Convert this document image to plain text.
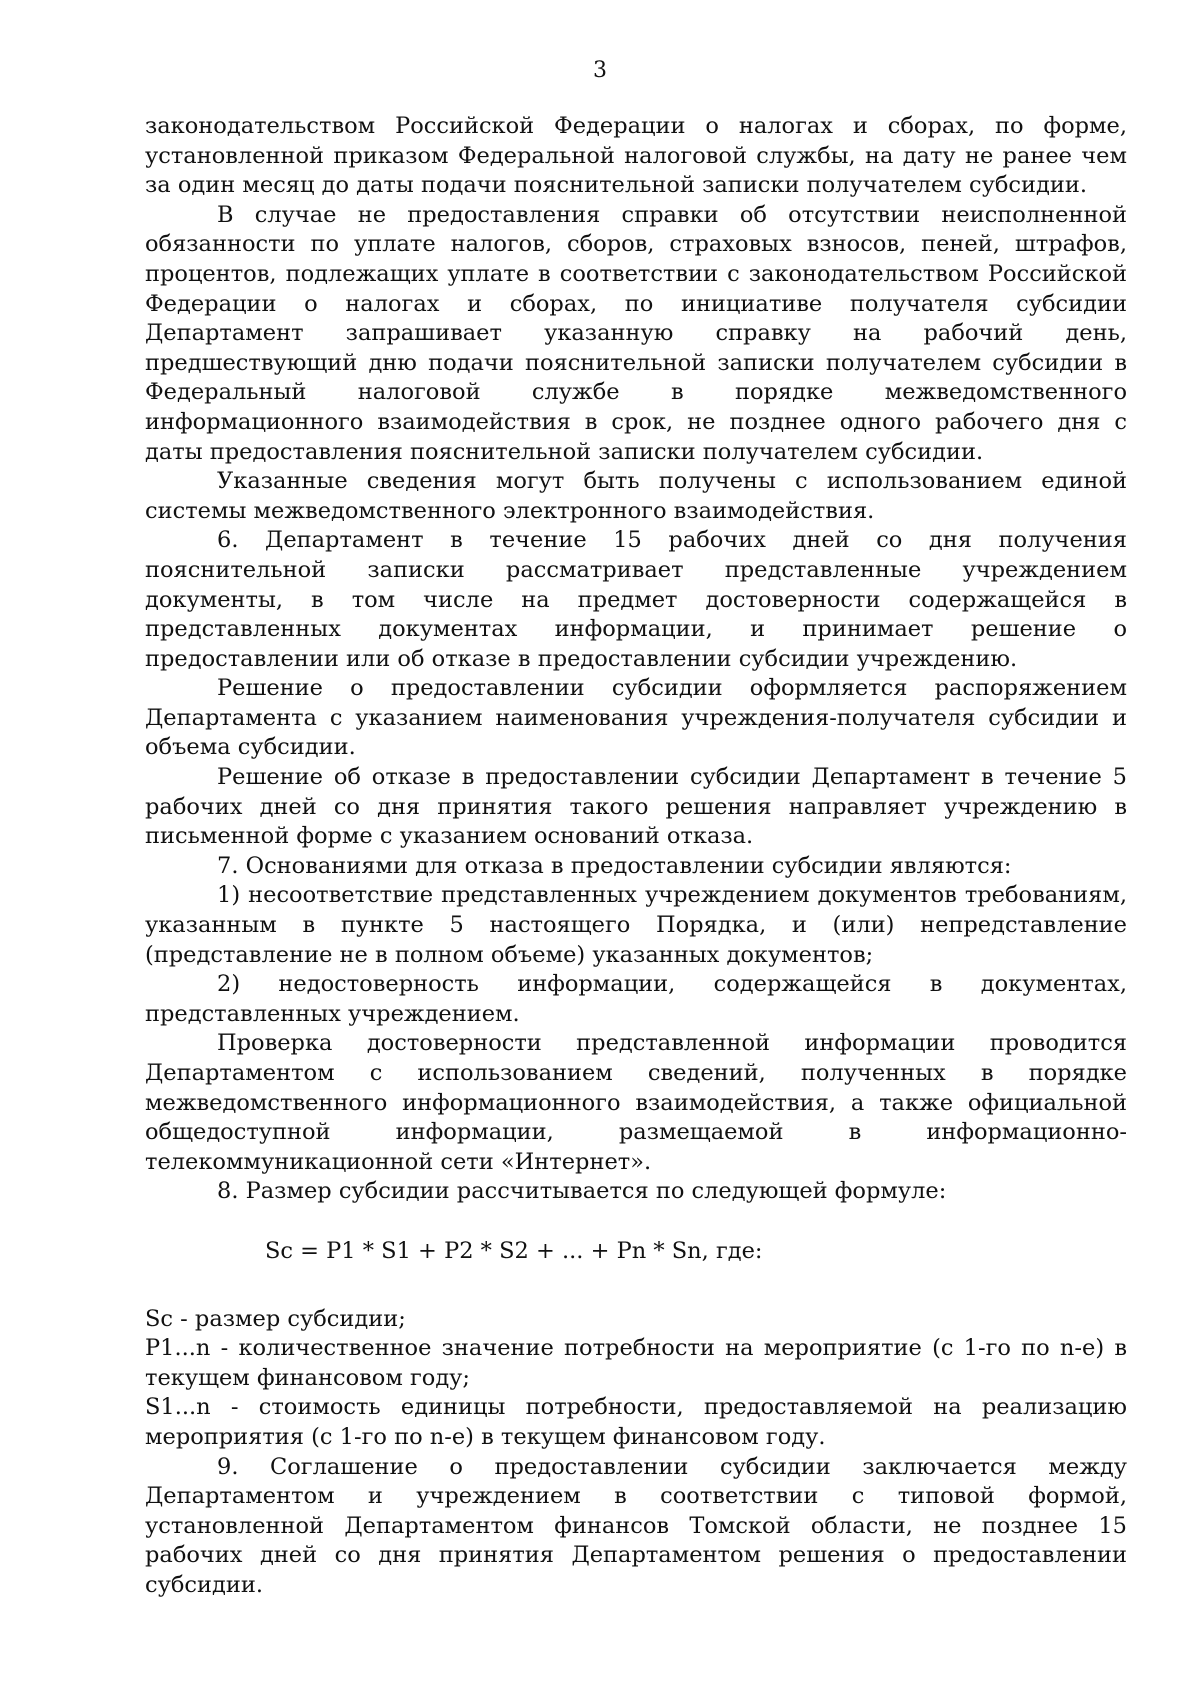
3

законодательством Российской Федерации о налогах и сборах, по форме, установленной приказом Федеральной налоговой службы, на дату не ранее чем за один месяц до даты подачи пояснительной записки получателем субсидии.

В случае не предоставления справки об отсутствии неисполненной обязанности по уплате налогов, сборов, страховых взносов, пеней, штрафов, процентов, подлежащих уплате в соответствии с законодательством Российской Федерации о налогах и сборах, по инициативе получателя субсидии Департамент запрашивает указанную справку на рабочий день, предшествующий дню подачи пояснительной записки получателем субсидии в Федеральный налоговой службе в порядке межведомственного информационного взаимодействия в срок, не позднее одного рабочего дня с даты предоставления пояснительной записки получателем субсидии.

Указанные сведения могут быть получены с использованием единой системы межведомственного электронного взаимодействия.

6. Департамент в течение 15 рабочих дней со дня получения пояснительной записки рассматривает представленные учреждением документы, в том числе на предмет достоверности содержащейся в представленных документах информации, и принимает решение о предоставлении или об отказе в предоставлении субсидии учреждению.

Решение о предоставлении субсидии оформляется распоряжением Департамента с указанием наименования учреждения-получателя субсидии и объема субсидии.

Решение об отказе в предоставлении субсидии Департамент в течение 5 рабочих дней со дня принятия такого решения направляет учреждению в письменной форме с указанием оснований отказа.

7. Основаниями для отказа в предоставлении субсидии являются:

1) несоответствие представленных учреждением документов требованиям, указанным в пункте 5 настоящего Порядка, и (или) непредставление (представление не в полном объеме) указанных документов;

2) недостоверность информации, содержащейся в документах, представленных учреждением.

Проверка достоверности представленной информации проводится Департаментом с использованием сведений, полученных в порядке межведомственного информационного взаимодействия, а также официальной общедоступной информации, размещаемой в информационно-телекоммуникационной сети «Интернет».

8. Размер субсидии рассчитывается по следующей формуле:

Sc = P1 * S1 + P2 * S2 + ... + Pn * Sn, где:

Sc - размер субсидии;

P1...n - количественное значение потребности на мероприятие (с 1-го по n-е) в текущем финансовом году;

S1...n - стоимость единицы потребности, предоставляемой на реализацию мероприятия (с 1-го по n-е) в текущем финансовом году.

9. Соглашение о предоставлении субсидии заключается между Департаментом и учреждением в соответствии с типовой формой, установленной Департаментом финансов Томской области, не позднее 15 рабочих дней со дня принятия Департаментом решения о предоставлении субсидии.
